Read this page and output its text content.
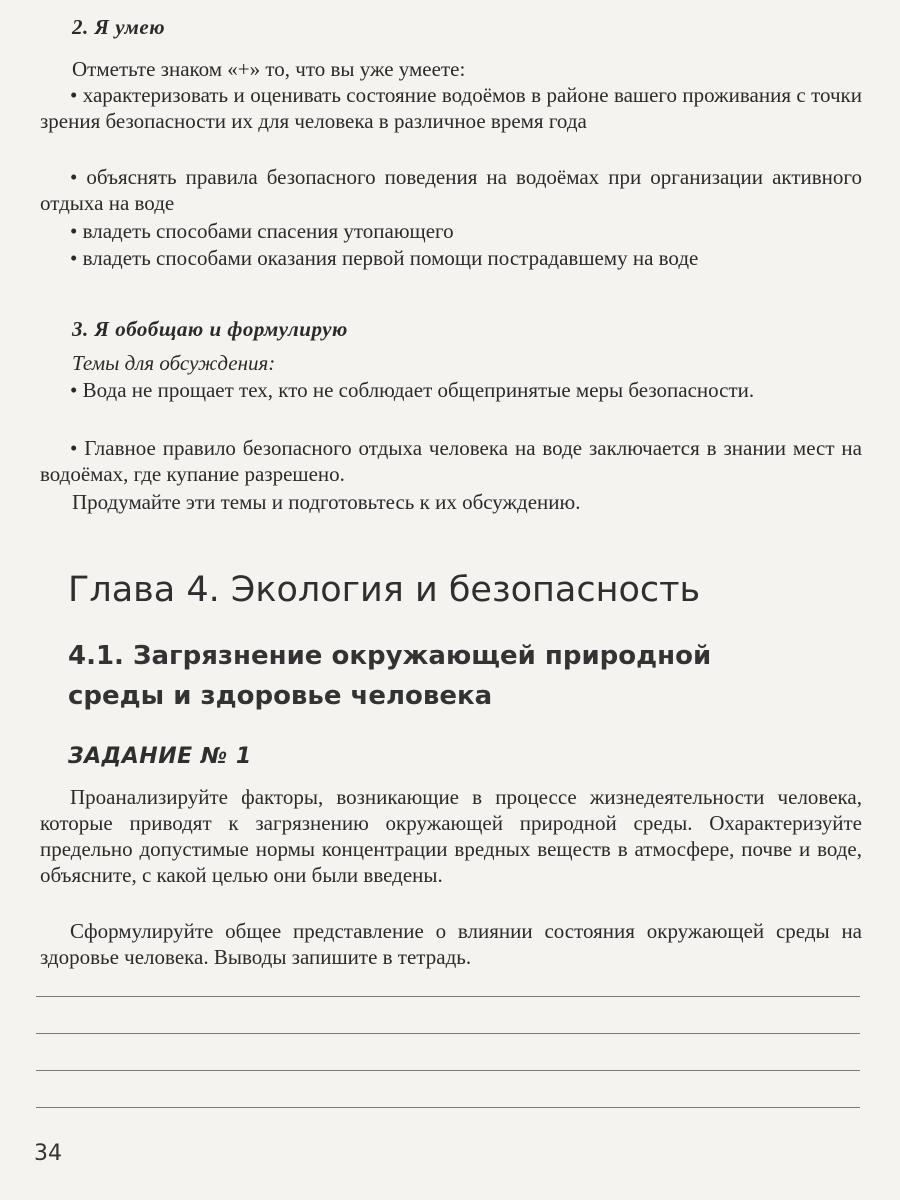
2. Я умею
Отметьте знаком «+» то, что вы уже умеете:
• характеризовать и оценивать состояние водоёмов в районе вашего проживания с точки зрения безопасности их для человека в различное время года
• объяснять правила безопасного поведения на водоёмах при организации активного отдыха на воде
• владеть способами спасения утопающего
• владеть способами оказания первой помощи пострадавшему на воде
3. Я обобщаю и формулирую
Темы для обсуждения:
• Вода не прощает тех, кто не соблюдает общепринятые меры безопасности.
• Главное правило безопасного отдыха человека на воде заключается в знании мест на водоёмах, где купание разрешено.
Продумайте эти темы и подготовьтесь к их обсуждению.
Глава 4. Экология и безопасность
4.1. Загрязнение окружающей природной
среды и здоровье человека
ЗАДАНИЕ № 1
Проанализируйте факторы, возникающие в процессе жизнедеятельности человека, которые приводят к загрязнению окружающей природной среды. Охарактеризуйте предельно допустимые нормы концентрации вредных веществ в атмосфере, почве и воде, объясните, с какой целью они были введены.
Сформулируйте общее представление о влиянии состояния окружающей среды на здоровье человека. Выводы запишите в тетрадь.
34
